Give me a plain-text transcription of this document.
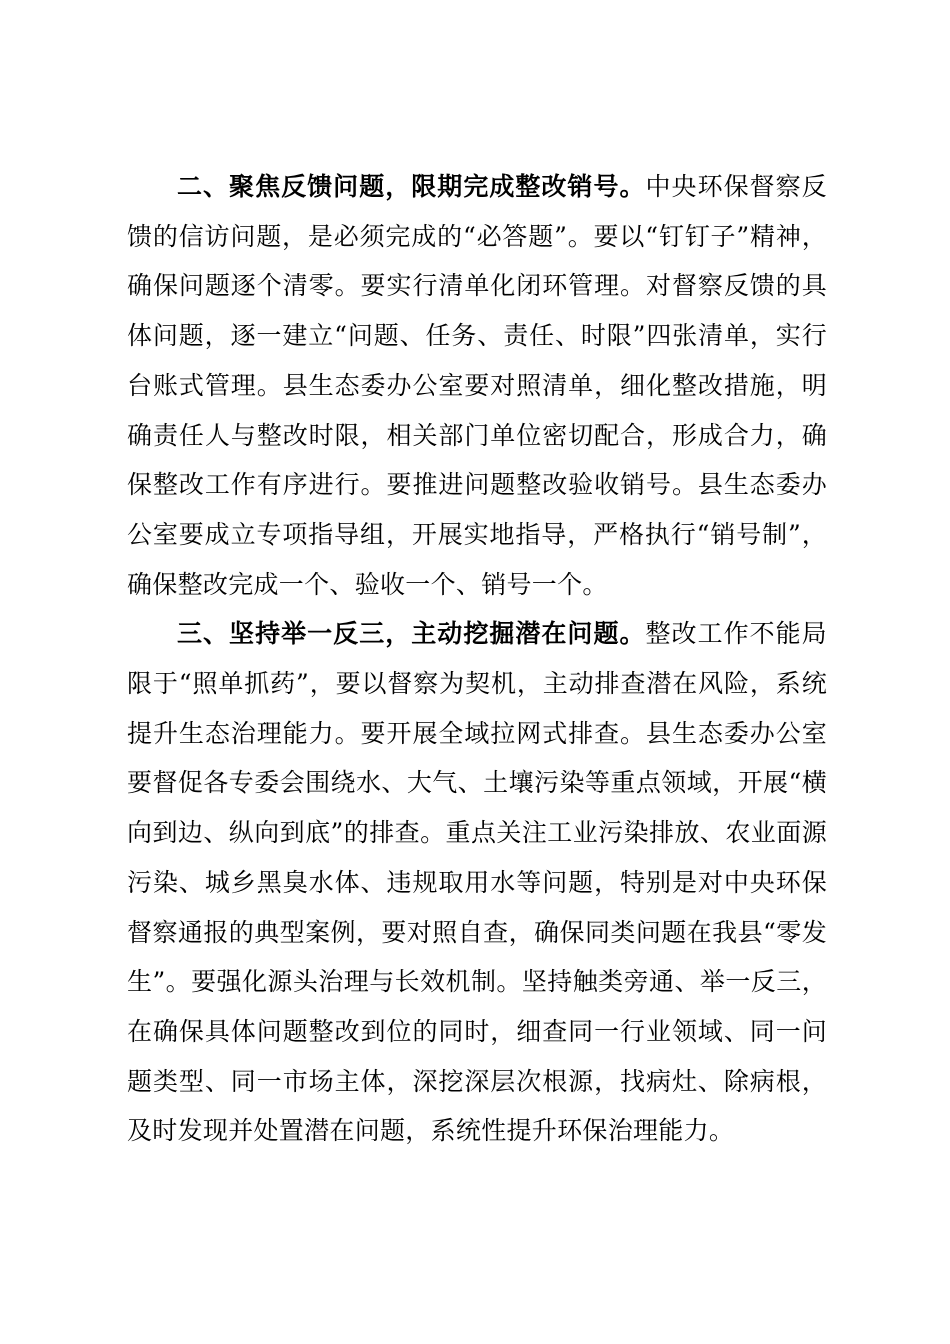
二、聚焦反馈问题，限期完成整改销号。中央环保督察反馈的信访问题，是必须完成的“必答题”。要以“钉钉子”精神，确保问题逐个清零。要实行清单化闭环管理。对督察反馈的具体问题，逐一建立“问题、任务、责任、时限”四张清单，实行台账式管理。县生态委办公室要对照清单，细化整改措施，明确责任人与整改时限，相关部门单位密切配合，形成合力，确保整改工作有序进行。要推进问题整改验收销号。县生态委办公室要成立专项指导组，开展实地指导，严格执行“销号制”，确保整改完成一个、验收一个、销号一个。

三、坚持举一反三，主动挖掘潜在问题。整改工作不能局限于“照单抓药”，要以督察为契机，主动排查潜在风险，系统提升生态治理能力。要开展全域拉网式排查。县生态委办公室要督促各专委会围绕水、大气、土壤污染等重点领域，开展“横向到边、纵向到底”的排查。重点关注工业污染排放、农业面源污染、城乡黑臭水体、违规取用水等问题，特别是对中央环保督察通报的典型案例，要对照自查，确保同类问题在我县“零发生”。要强化源头治理与长效机制。坚持触类旁通、举一反三，在确保具体问题整改到位的同时，细查同一行业领域、同一问题类型、同一市场主体，深挖深层次根源，找病灶、除病根，及时发现并处置潜在问题，系统性提升环保治理能力。
